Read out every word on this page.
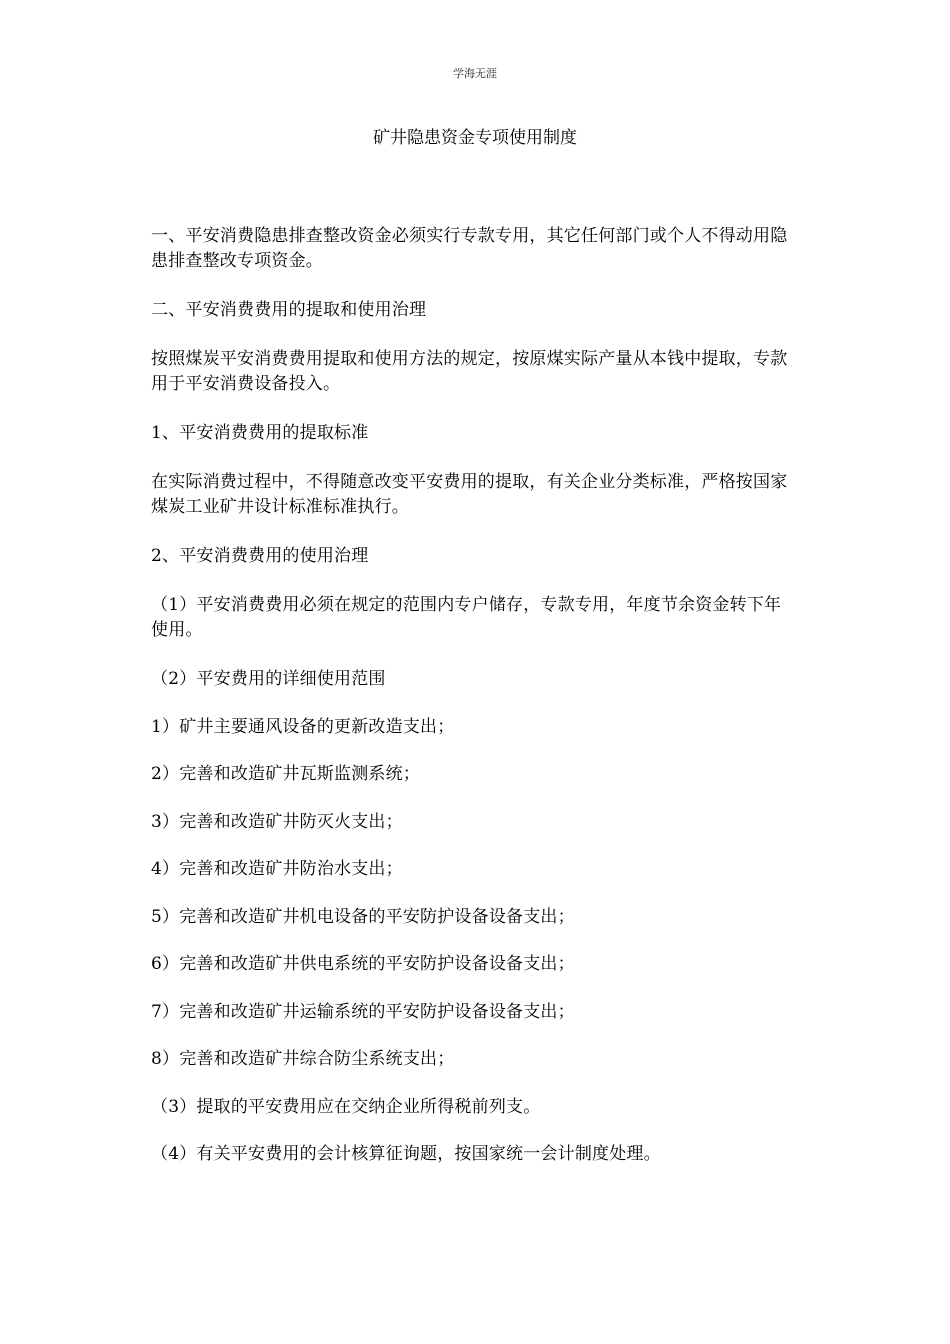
学海无涯
矿井隐患资金专项使用制度

一、平安消费隐患排查整改资金必须实行专款专用，其它任何部门或个人不得动用隐患排查整改专项资金。

二、平安消费费用的提取和使用治理

按照煤炭平安消费费用提取和使用方法的规定，按原煤实际产量从本钱中提取，专款用于平安消费设备投入。

1、平安消费费用的提取标准

在实际消费过程中，不得随意改变平安费用的提取，有关企业分类标准，严格按国家煤炭工业矿井设计标准标准执行。

2、平安消费费用的使用治理

（1）平安消费费用必须在规定的范围内专户储存，专款专用，年度节余资金转下年使用。

（2）平安费用的详细使用范围

1）矿井主要通风设备的更新改造支出；

2）完善和改造矿井瓦斯监测系统；

3）完善和改造矿井防灭火支出；

4）完善和改造矿井防治水支出；

5）完善和改造矿井机电设备的平安防护设备设备支出；

6）完善和改造矿井供电系统的平安防护设备设备支出；

7）完善和改造矿井运输系统的平安防护设备设备支出；

8）完善和改造矿井综合防尘系统支出；

（3）提取的平安费用应在交纳企业所得税前列支。

（4）有关平安费用的会计核算征询题，按国家统一会计制度处理。
